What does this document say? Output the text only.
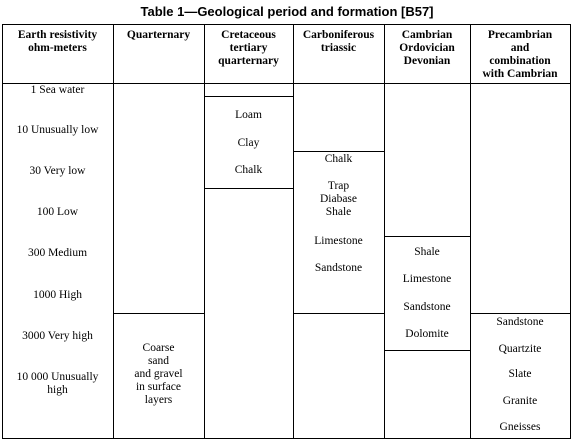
Table 1—Geological period and formation [B57]
Earth resistivity
ohm-meters
Quarternary	Cretaceous
tertiary
quarternary
Carboniferous
triassic
Cambrian
Ordovician
Devonian
Precambrian
and
combination
with Cambrian
1 Sea water
10 Unusually low
30 Very low
100 Low
300 Medium
1000 High
3000 Very high
10 000 Unusually
high
Coarse
sand
and gravel
in surface
layers
Loam
Clay
Chalk
Chalk
Trap
Diabase
Shale
Limestone
Sandstone
Shale
Limestone
Sandstone
Dolomite
Sandstone
Quartzite
Slate
Granite
Gneisses
